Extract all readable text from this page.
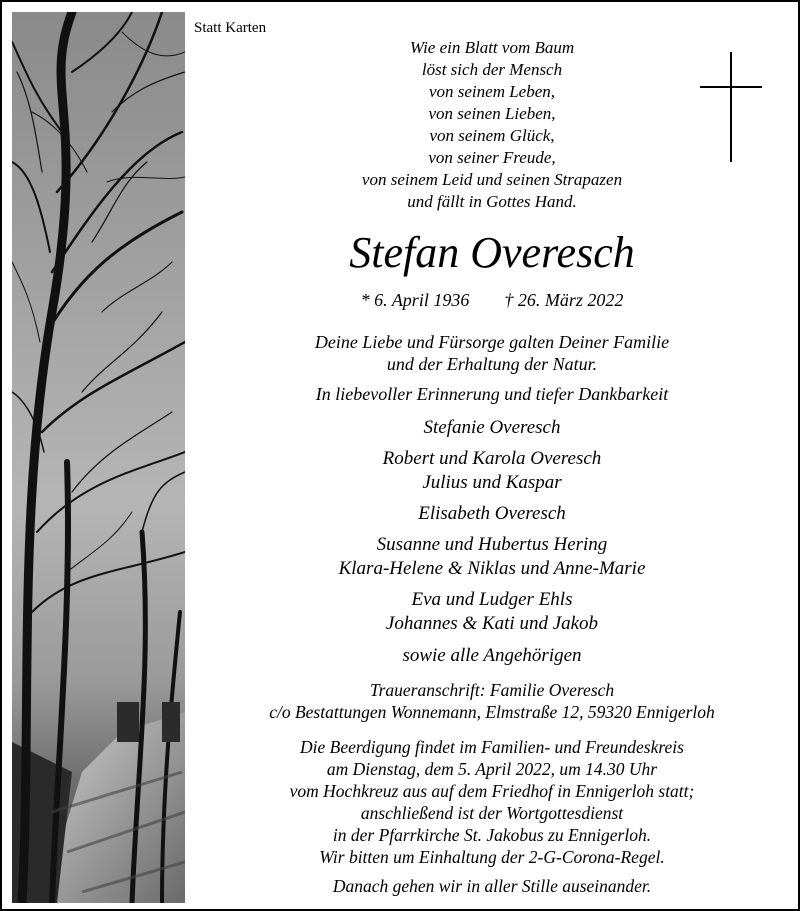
Statt Karten
Wie ein Blatt vom Baum
löst sich der Mensch
von seinem Leben,
von seinen Lieben,
von seinem Glück,
von seiner Freude,
von seinem Leid und seinen Strapazen
und fällt in Gottes Hand.
Stefan Overesch
* 6. April 1936 † 26. März 2022
Deine Liebe und Fürsorge galten Deiner Familie
und der Erhaltung der Natur.
In liebevoller Erinnerung und tiefer Dankbarkeit
Stefanie Overesch
Robert und Karola Overesch
Julius und Kaspar
Elisabeth Overesch
Susanne und Hubertus Hering
Klara-Helene & Niklas und Anne-Marie
Eva und Ludger Ehls
Johannes & Kati und Jakob
sowie alle Angehörigen
Traueranschrift: Familie Overesch
c/o Bestattungen Wonnemann, Elmstraße 12, 59320 Ennigerloh
Die Beerdigung findet im Familien- und Freundeskreis
am Dienstag, dem 5. April 2022, um 14.30 Uhr
vom Hochkreuz aus auf dem Friedhof in Ennigerloh statt;
anschließend ist der Wortgottesdienst
in der Pfarrkirche St. Jakobus zu Ennigerloh.
Wir bitten um Einhaltung der 2-G-Corona-Regel.
Danach gehen wir in aller Stille auseinander.
